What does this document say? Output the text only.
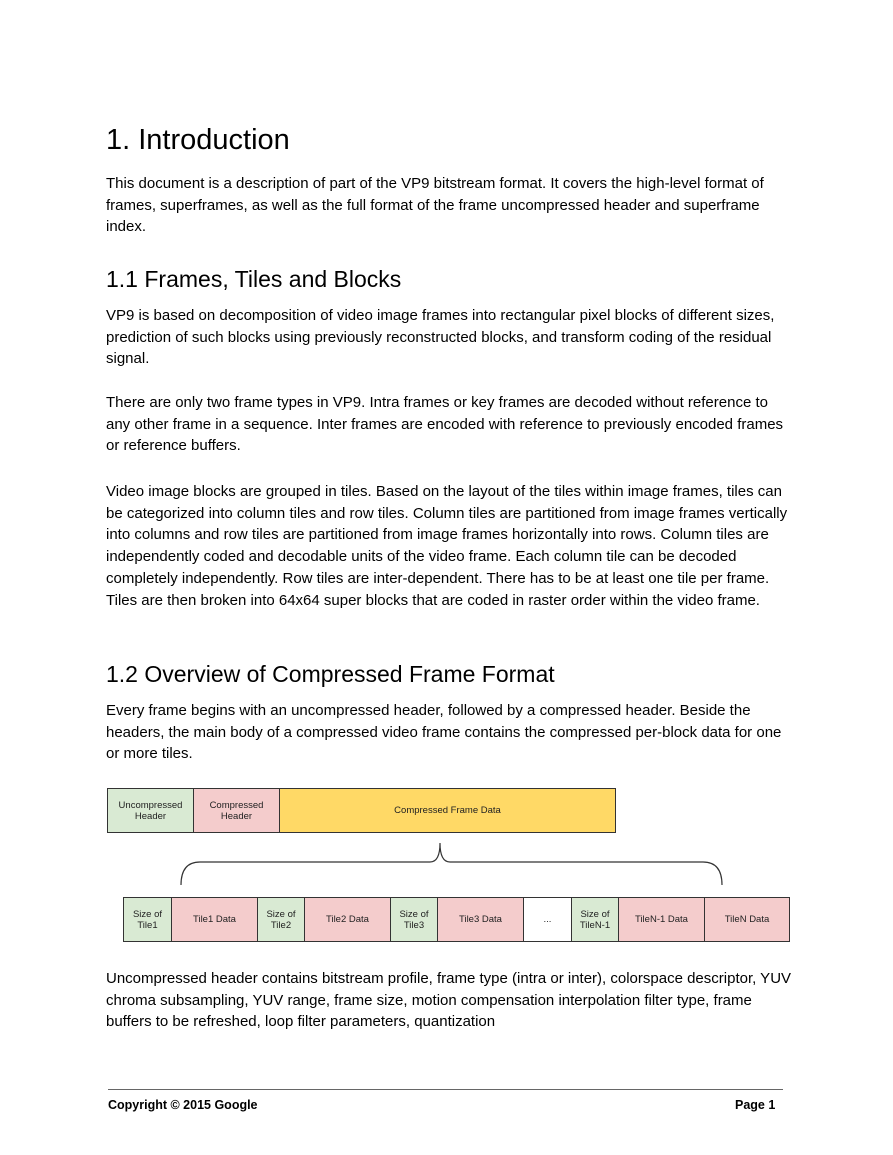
1. Introduction

This document is a description of part of the VP9 bitstream format. It covers the high-level format of frames, superframes, as well as the full format of the frame uncompressed header and superframe index.

1.1 Frames, Tiles and Blocks

VP9 is based on decomposition of video image frames into rectangular pixel blocks of different sizes, prediction of such blocks using previously reconstructed blocks, and transform coding of the residual signal.

There are only two frame types in VP9. Intra frames or key frames are decoded without reference to any other frame in a sequence. Inter frames are encoded with reference to previously encoded frames or reference buffers.

Video image blocks are grouped in tiles. Based on the layout of the tiles within image frames, tiles can be categorized into column tiles and row tiles. Column tiles are partitioned from image frames vertically into columns and row tiles are partitioned from image frames horizontally into rows. Column tiles are independently coded and decodable units of the video frame. Each column tile can be decoded completely independently. Row tiles are inter-dependent. There has to be at least one tile per frame. Tiles are then broken into 64x64 super blocks that are coded in raster order within the video frame.

1.2 Overview of Compressed Frame Format

Every frame begins with an uncompressed header, followed by a compressed header. Beside the headers, the main body of a compressed video frame contains the compressed per-block data for one or more tiles.

Uncompressed
Header
Compressed
Header	Compressed Frame Data
Size of
Tile1	Tile1 Data	Size of
Tile2	Tile2 Data	Size of
Tile3	Tile3 Data	...	Size of
TileN-1	TileN-1 Data	TileN Data

Uncompressed header contains bitstream profile, frame type (intra or inter), colorspace descriptor, YUV chroma subsampling, YUV range, frame size, motion compensation interpolation filter type, frame buffers to be refreshed, loop filter parameters, quantization

Copyright © 2015 Google	Page 1
